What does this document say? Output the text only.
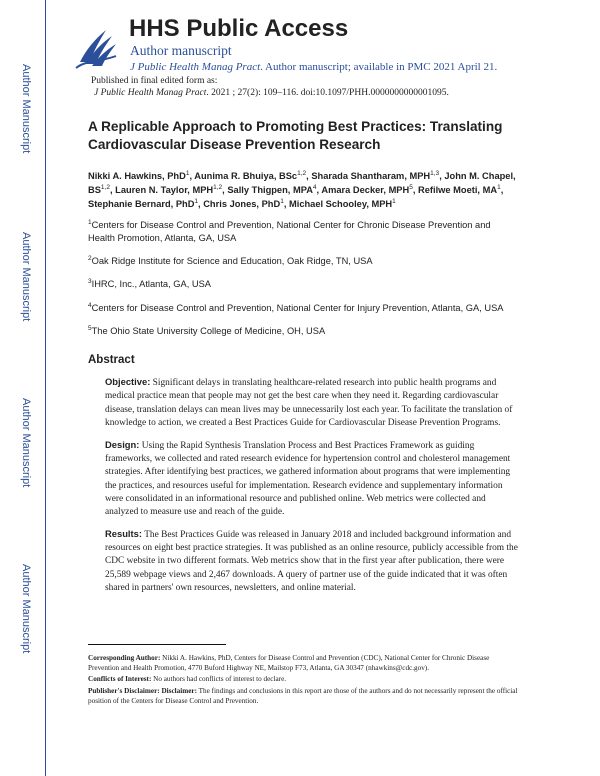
Author Manuscript
Author Manuscript
Author Manuscript
Author Manuscript
HHS Public Access
Author manuscript
J Public Health Manag Pract. Author manuscript; available in PMC 2021 April 21.
Published in final edited form as:
J Public Health Manag Pract. 2021 ; 27(2): 109–116. doi:10.1097/PHH.0000000000001095.
A Replicable Approach to Promoting Best Practices: Translating Cardiovascular Disease Prevention Research
Nikki A. Hawkins, PhD$^1$, Aunima R. Bhuiya, BSc$^{1,2}$, Sharada Shantharam, MPH$^{1,3}$, John M. Chapel, BS$^{1,2}$, Lauren N. Taylor, MPH$^{1,2}$, Sally Thigpen, MPA$^4$, Amara Decker, MPH$^5$, Refilwe Moeti, $MA^1$, Stephanie Bernard, PhD$^1$, Chris Jones, PhD$^1$, Michael Schooley, MPH$^1$
$^1$Centers for Disease Control and Prevention, National Center for Chronic Disease Prevention and Health Promotion, Atlanta, GA, USA
$^2$Oak Ridge Institute for Science and Education, Oak Ridge, TN, USA
$^3$IHRC, Inc., Atlanta, GA, USA
$^4$Centers for Disease Control and Prevention, National Center for Injury Prevention, Atlanta, GA, USA
$^5$The Ohio State University College of Medicine, OH, USA
Abstract

Objective: Significant delays in translating healthcare-related research into public health programs and medical practice mean that people may not get the best care when they need it. Regarding cardiovascular disease, translation delays can mean lives may be unnecessarily lost each year. To facilitate the translation of knowledge to action, we created a Best Practices Guide for Cardiovascular Disease Prevention Programs.

Design: Using the Rapid Synthesis Translation Process and Best Practices Framework as guiding frameworks, we collected and rated research evidence for hypertension control and cholesterol management strategies. After identifying best practices, we gathered information about programs that were implementing the practices, and resources useful for implementation. Research evidence and supplementary information were consolidated in an informational resource and published online. Web metrics were collected and analyzed to measure use and reach of the guide.

Results: The Best Practices Guide was released in January 2018 and included background information and resources on eight best practice strategies. It was published as an online resource, publicly accessible from the CDC website in two different formats. Web metrics show that in the first year after publication, there were 25,589 webpage views and 2,467 downloads. A query of partner use of the guide indicated that it was often shared in partners' own resources, newsletters, and online material.

Corresponding Author: Nikki A. Hawkins, PhD, Centers for Disease Control and Prevention (CDC), National Center for Chronic Disease Prevention and Health Promotion, 4770 Buford Highway NE, Mailstop F73, Atlanta, GA 30347 (nhawkins@cdc.gov).

Conflicts of Interest: No authors had conflicts of interest to declare.

Publisher's Disclaimer: Disclaimer: The findings and conclusions in this report are those of the authors and do not necessarily represent the official position of the Centers for Disease Control and Prevention.
